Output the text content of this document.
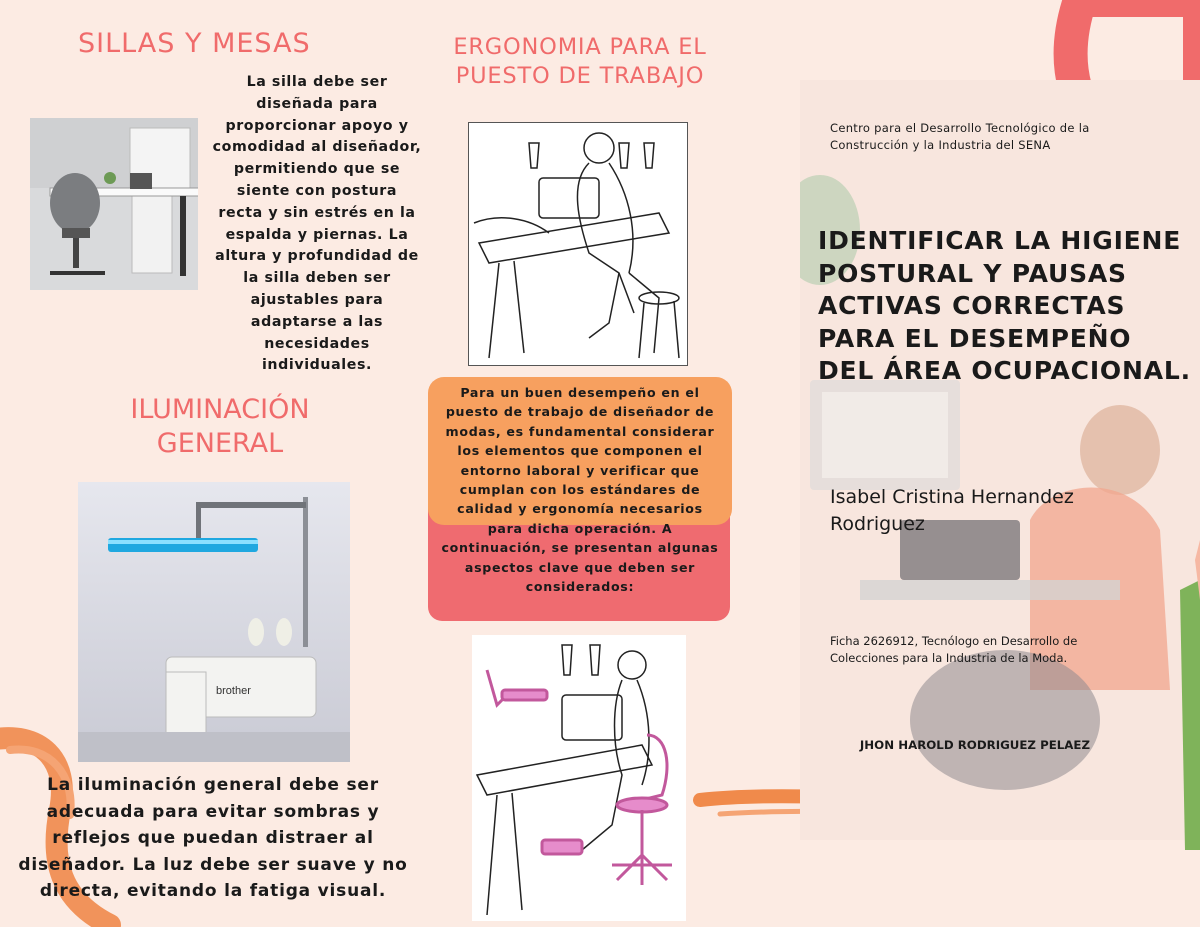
SILLAS Y MESAS
La silla debe ser diseñada para proporcionar apoyo y comodidad al diseñador, permitiendo que se siente con postura recta y sin estrés en la espalda y piernas. La altura y profundidad de la silla deben ser ajustables para adaptarse a las necesidades individuales.
ILUMINACIÓN GENERAL
brother
La iluminación general debe ser adecuada para evitar sombras y reflejos que puedan distraer al diseñador. La luz debe ser suave y no directa, evitando la fatiga visual.
ERGONOMIA PARA EL PUESTO DE TRABAJO
Para un buen desempeño en el puesto de trabajo de diseñador de modas, es fundamental considerar los elementos que componen el entorno laboral y verificar que cumplan con los estándares de calidad y ergonomía necesarios para dicha operación. A continuación, se presentan algunas aspectos clave que deben ser considerados:
Centro para el Desarrollo Tecnológico de la Construcción y la Industria del SENA
IDENTIFICAR LA HIGIENE POSTURAL Y PAUSAS ACTIVAS CORRECTAS PARA EL DESEMPEÑO DEL ÁREA OCUPACIONAL.
Isabel Cristina Hernandez Rodriguez
Ficha 2626912, Tecnólogo en Desarrollo de Colecciones para la Industria de la Moda.
JHON HAROLD RODRIGUEZ PELAEZ
